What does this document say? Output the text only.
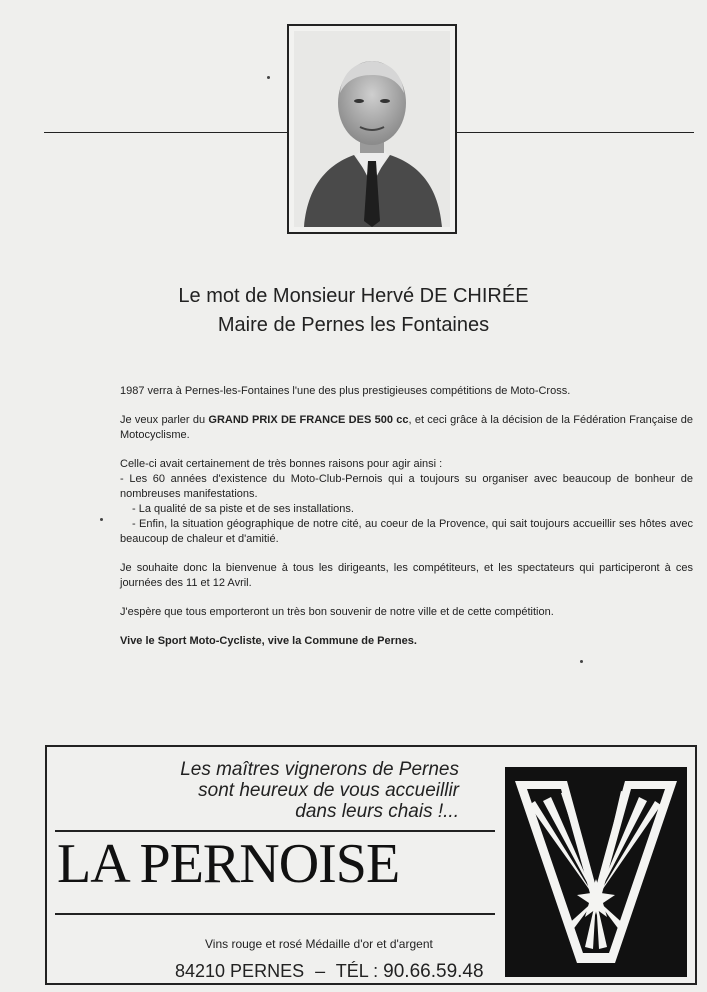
Le mot de Monsieur Hervé DE CHIRÉE
Maire de Pernes les Fontaines

1987 verra à Pernes-les-Fontaines l'une des plus prestigieuses compétitions de Moto-Cross.

Je veux parler du GRAND PRIX DE FRANCE DES 500 cc, et ceci grâce à la décision de la Fédération Française de Motocyclisme.

Celle-ci avait certainement de très bonnes raisons pour agir ainsi :
- Les 60 années d'existence du Moto-Club-Pernois qui a toujours su organiser avec beaucoup de bonheur de nombreuses manifestations.
- La qualité de sa piste et de ses installations.
- Enfin, la situation géographique de notre cité, au coeur de la Provence, qui sait toujours accueillir ses hôtes avec beaucoup de chaleur et d'amitié.

Je souhaite donc la bienvenue à tous les dirigeants, les compétiteurs, et les spectateurs qui participeront à ces journées des 11 et 12 Avril.

J'espère que tous emporteront un très bon souvenir de notre ville et de cette compétition.

Vive le Sport Moto-Cycliste, vive la Commune de Pernes.

Les maîtres vignerons de Pernes
sont heureux de vous accueillir
dans leurs chais !...
LA PERNOISE
Vins rouge et rosé Médaille d'or et d'argent
84210 PERNES – TÉL : 90.66.59.48
